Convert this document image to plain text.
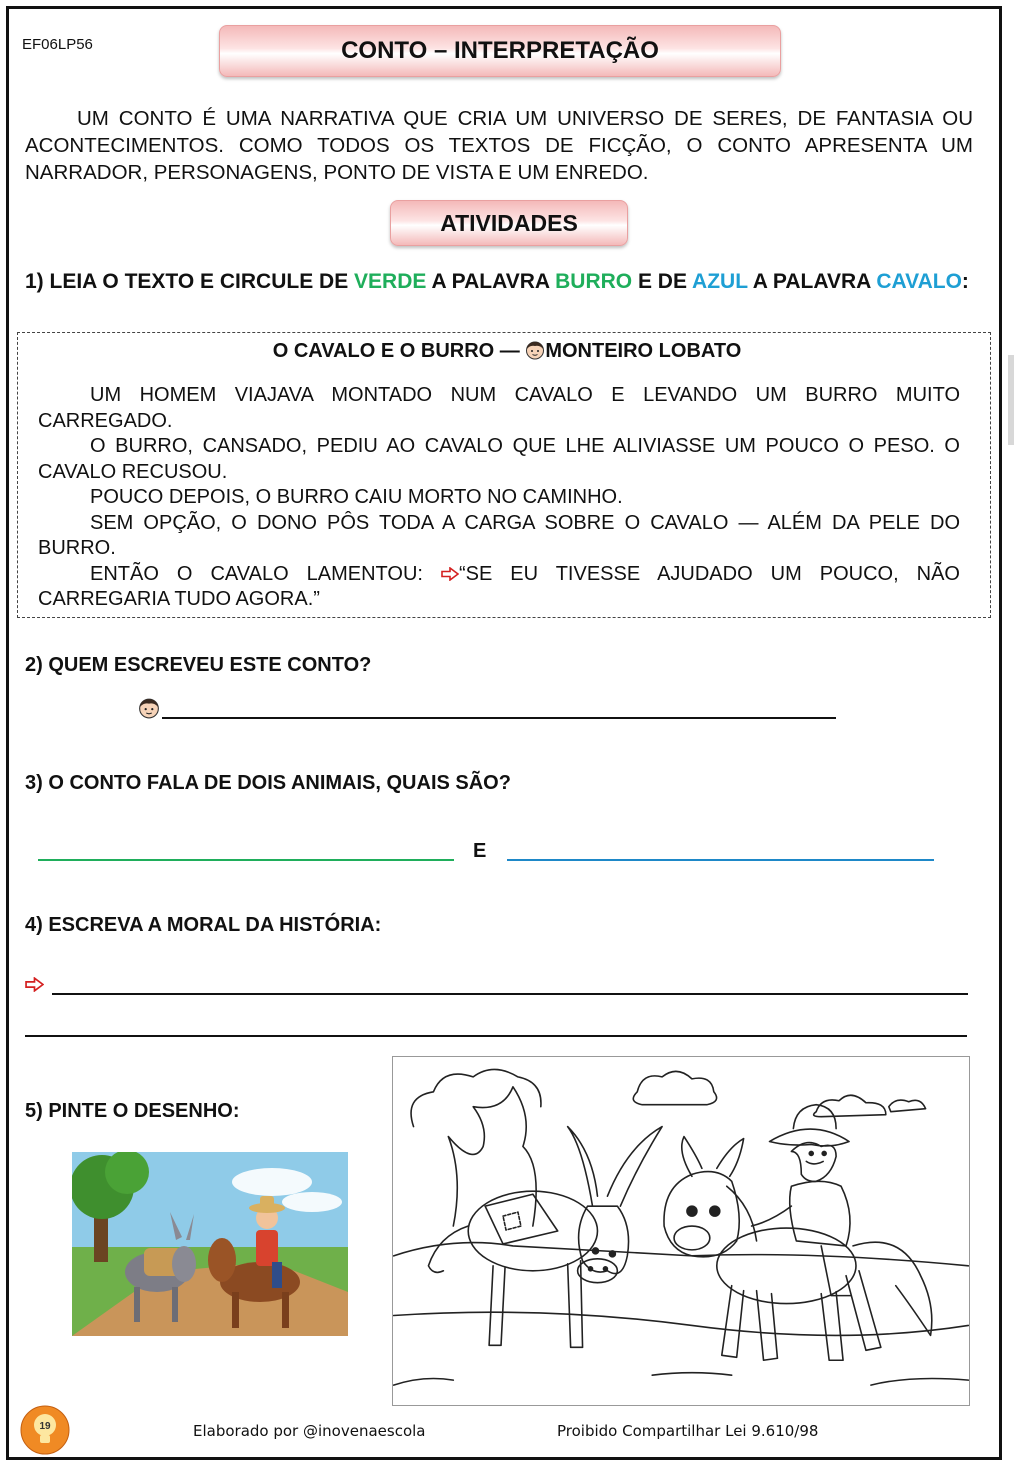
EF06LP56	CONTO – INTERPRETAÇÃO

UM CONTO É UMA NARRATIVA QUE CRIA UM UNIVERSO DE SERES, DE FANTASIA OU ACONTECIMENTOS. COMO TODOS OS TEXTOS DE FICÇÃO, O CONTO APRESENTA UM NARRADOR, PERSONAGENS, PONTO DE VISTA E UM ENREDO.

ATIVIDADES
1) LEIA O TEXTO E CIRCULE DE VERDE A PALAVRA BURRO E DE AZUL A PALAVRA CAVALO:
O CAVALO E O BURRO — MONTEIRO LOBATO

UM HOMEM VIAJAVA MONTADO NUM CAVALO E LEVANDO UM BURRO MUITO CARREGADO.

O BURRO, CANSADO, PEDIU AO CAVALO QUE LHE ALIVIASSE UM POUCO O PESO. O CAVALO RECUSOU.

POUCO DEPOIS, O BURRO CAIU MORTO NO CAMINHO.

SEM OPÇÃO, O DONO PÔS TODA A CARGA SOBRE O CAVALO — ALÉM DA PELE DO BURRO.

ENTÃO O CAVALO LAMENTOU: “SE EU TIVESSE AJUDADO UM POUCO, NÃO CARREGARIA TUDO AGORA.”

2) QUEM ESCREVEU ESTE CONTO?
3) O CONTO FALA DE DOIS ANIMAIS, QUAIS SÃO?
E
4) ESCREVA A MORAL DA HISTÓRIA:
5) PINTE O DESENHO:
19	Elaborado por @inovenaescola	Proibido Compartilhar Lei 9.610/98
